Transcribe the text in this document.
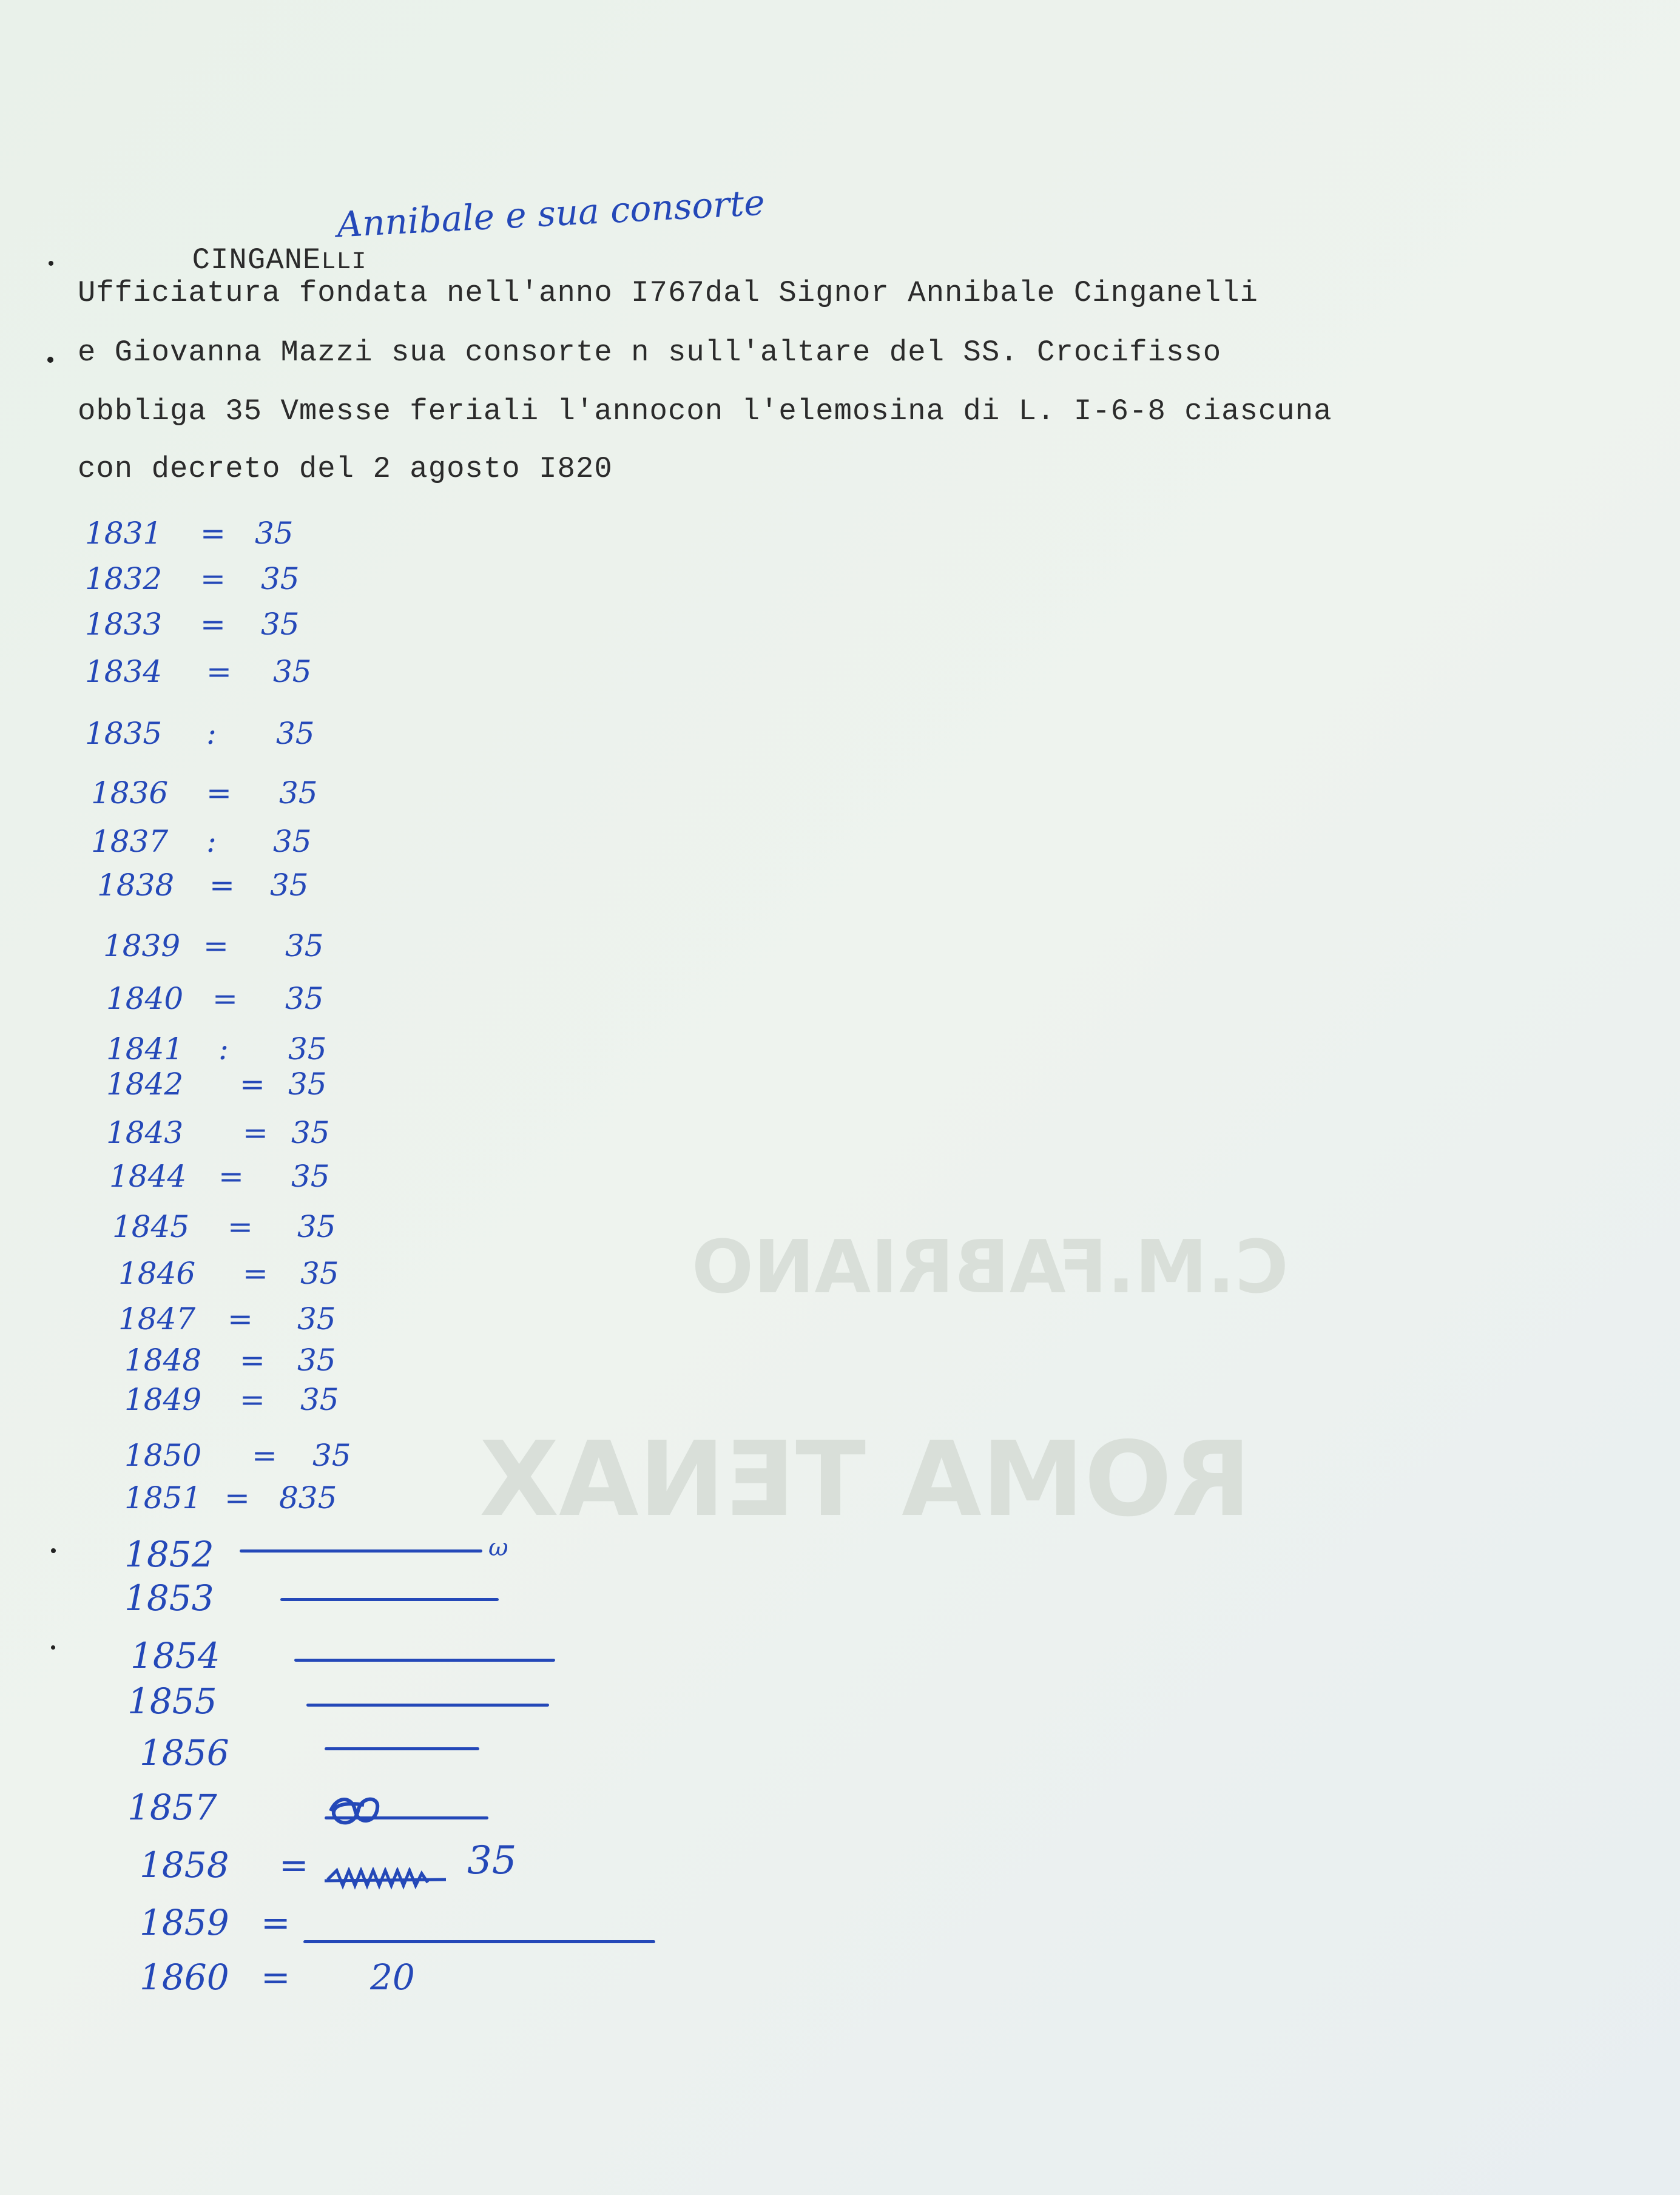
C.M.FABRIANO
ROMA TENAX

CINGANELLI

Annibale e sua consorte
Ufficiatura fondata nell'anno I767dal Signor Annibale Cinganelli
e Giovanna Mazzi sua consorte n sull'altare del SS. Crocifisso
obbliga 35 Vmesse feriali l'annocon l'elemosina di L. I-6-8 ciascuna
con decreto del 2 agosto I820
1831 = 35
1832 = 35
1833 = 35
1834 = 35
1835 : 35
1836 = 35
1837 : 35
1838 = 35
1839 = 35
1840 = 35
1841 : 35
1842 = 35
1843 = 35
1844 = 35
1845 = 35
1846 = 35
1847 = 35
1848 = 35
1849 = 35
1850 = 35
1851 = 835
1852
1853
1854
1855
1856
1857
1858 =	35
1859 =
1860 = 20
ω
